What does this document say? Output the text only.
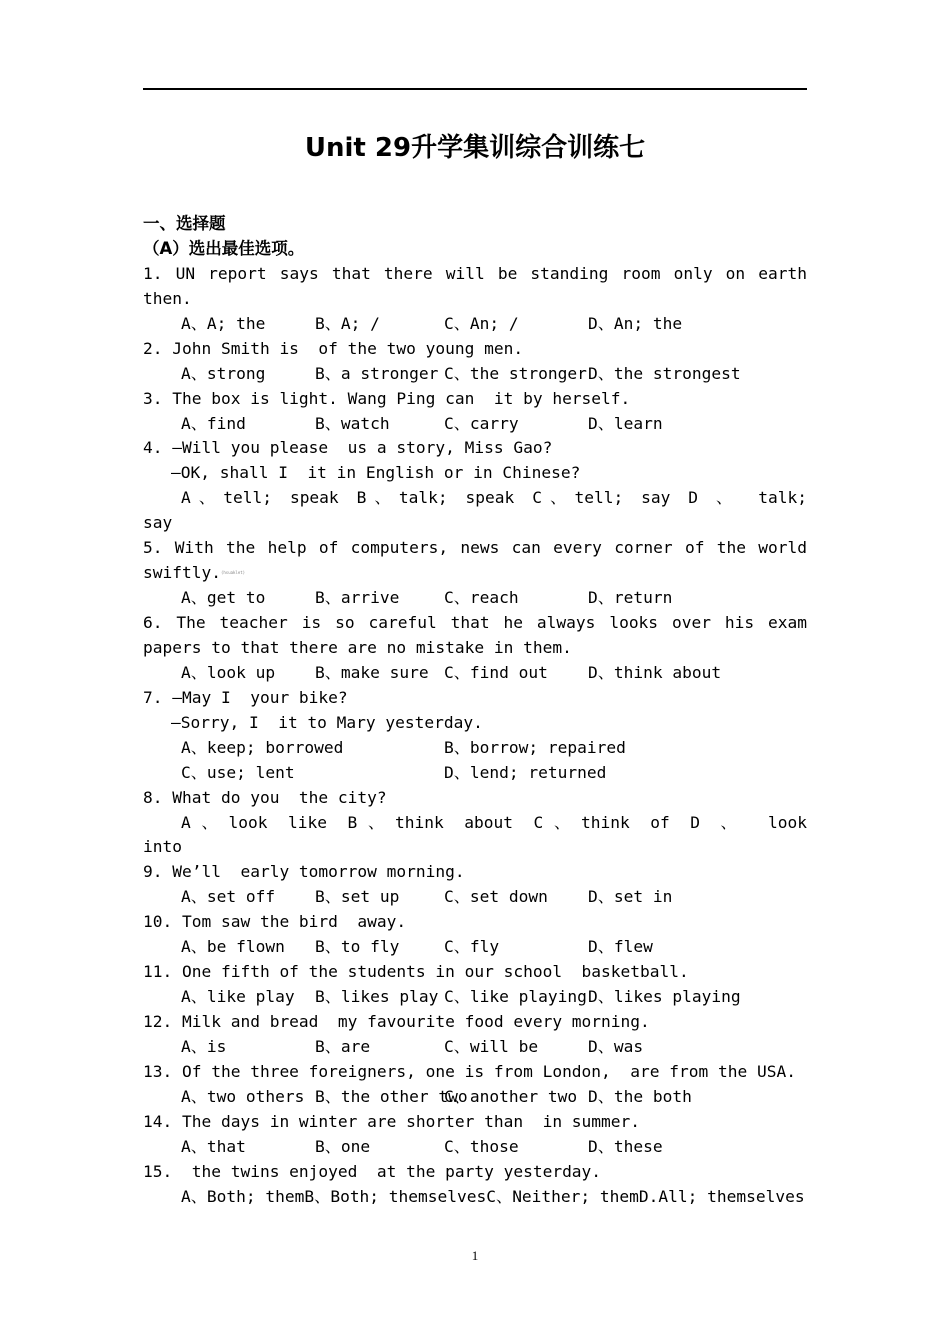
Unit 29升学集训综合训练七
一、选择题
（A）选出最佳选项。
1. UN report says that there will be standing room only on earth
then.
A、A; the	B、A; /	C、An; /	D、An; the
2. John Smith is  of the two young men.
A、strong	B、a stronger C、the stronger D、the strongest
3. The box is light. Wang Ping can  it by herself.
A、find	B、watch	C、carry	D、learn
4. —Will you please  us a story, Miss Gao?
—OK, shall I  it in English or in Chinese?
A、tell; speak B、talk; speak C、tell; say D 、 talk;
say
5. With the help of computers, news can every corner of the world
swiftly.(hsuaklet)
A、get to	B、arrive	C、reach	D、return
6. The teacher is so careful that he always looks over his exam
papers to that there are no mistake in them.
A、look up	B、make sure C、find out	D、think about
7. —May I  your bike?
—Sorry, I  it to Mary yesterday.
A、keep; borrowed	B、borrow; repaired
C、use; lent	D、lend; returned
8. What do you  the city?
A、look like B、think about C、think of D 、 look
into
9. We’ll  early tomorrow morning.
A、set off	B、set up	C、set down	D、set in
10. Tom saw the bird  away.
A、be flown	B、to fly	C、fly	D、flew
11. One fifth of the students in our school  basketball.
A、like play	B、likes play C、like playing D、likes playing
12. Milk and bread  my favourite food every morning.
A、is	B、are	C、will be	D、was
13. Of the three foreigners, one is from London,  are from the USA.
A、two others B、the other two
C、another two D、the both
14. The days in winter are shorter than  in summer.
A、that	B、one	C、those	D、these
15.  the twins enjoyed  at the party yesterday.
A、Both; themB、Both; themselvesC、Neither; themD.All; themselves
1
